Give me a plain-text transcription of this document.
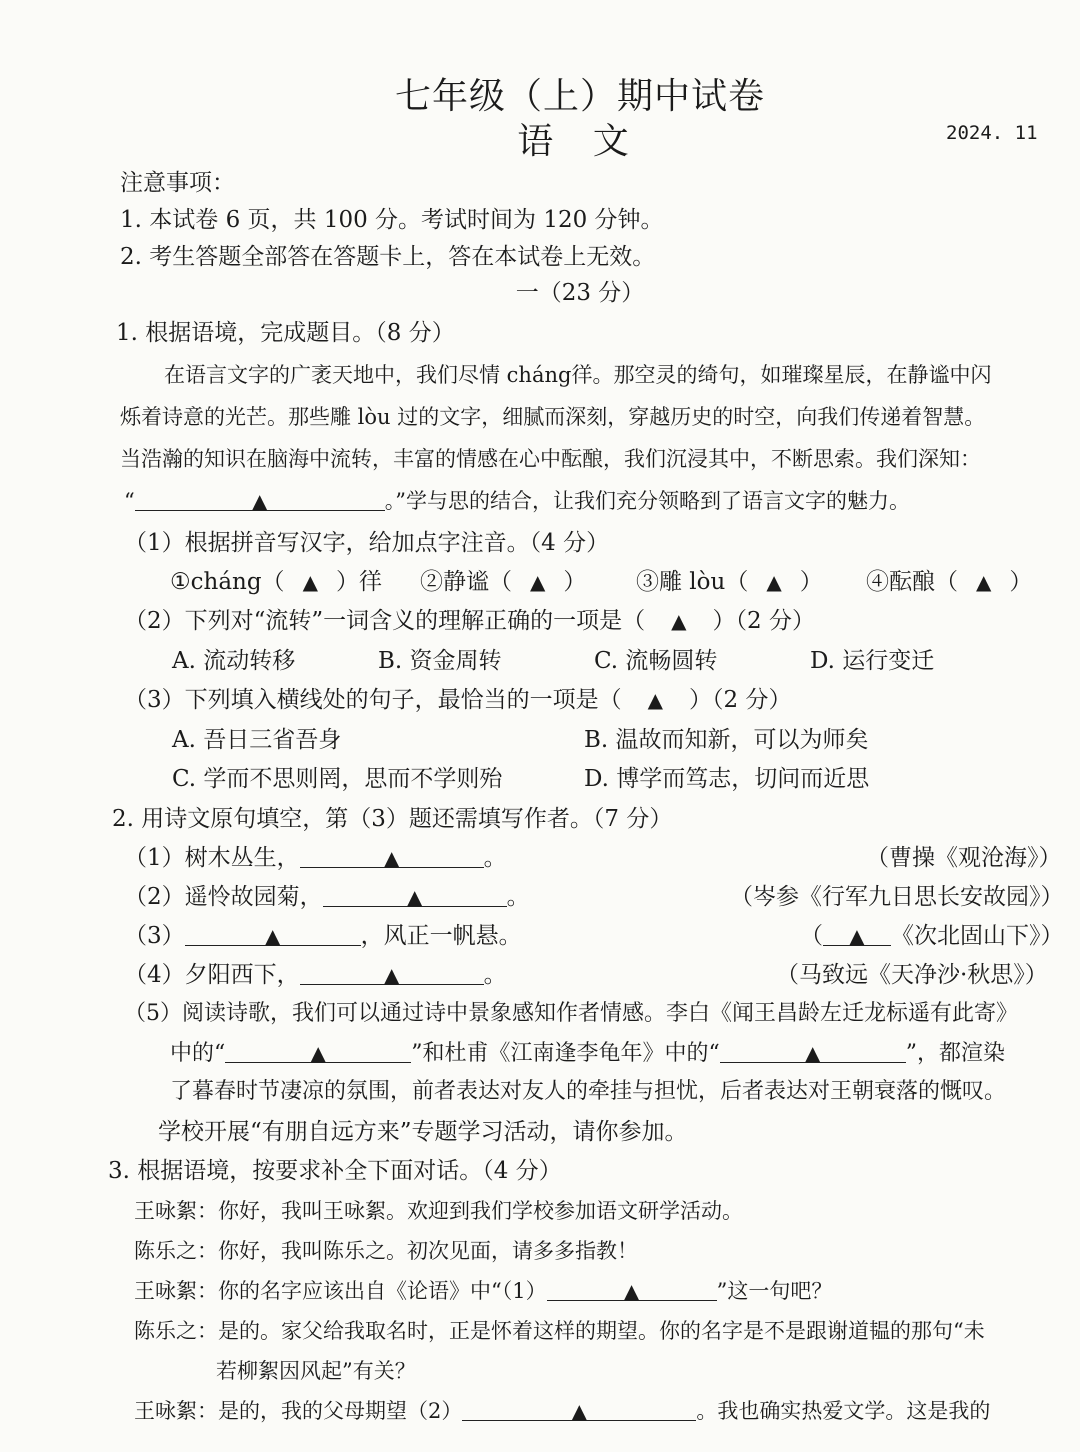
七年级（上）期中试卷
语 文	2024. 11
注意事项：
1. 本试卷 6 页，共 100 分。考试时间为 120 分钟。
2. 考生答题全部答在答题卡上，答在本试卷上无效。
一（23 分）
1. 根据语境，完成题目。（8 分）
在语言文字的广袤天地中，我们尽情 cháng徉。那空灵的绮句，如璀璨星辰，在静谧中闪
烁着诗意的光芒。那些雕 lòu 过的文字，细腻而深刻，穿越历史的时空，向我们传递着智慧。
当浩瀚的知识在脑海中流转，丰富的情感在心中酝酿，我们沉浸其中，不断思索。我们深知：
“	▲	。”学与思的结合，让我们充分领略到了语言文字的魅力。
（1）根据拼音写汉字，给加点字注音。（4 分）
①cháng（ ▲ ）徉 ②静谧（ ▲ ） ③雕 lòu（ ▲ ） ④酝酿（ ▲ ）
（2）下列对“流转”一词含义的理解正确的一项是（ ▲ ）（2 分）
A. 流动转移	B. 资金周转	C. 流畅圆转	D. 运行变迁
（3）下列填入横线处的句子，最恰当的一项是（ ▲ ）（2 分）
A. 吾日三省吾身	B. 温故而知新，可以为师矣
C. 学而不思则罔，思而不学则殆	D. 博学而笃志，切问而近思
2. 用诗文原句填空，第（3）题还需填写作者。（7 分）
（1）树木丛生，	▲	。	（曹操《观沧海》）
（2）遥怜故园菊，	▲	。	（岑参《行军九日思长安故园》）
（3）	▲	，风正一帆悬。	（ ▲ 《次北固山下》）
（4）夕阳西下，	▲	。	（马致远《天净沙·秋思》）
（5）阅读诗歌，我们可以通过诗中景象感知作者情感。李白《闻王昌龄左迁龙标遥有此寄》
中的“	▲	”和杜甫《江南逢李龟年》中的“	▲	”，都渲染
了暮春时节凄凉的氛围，前者表达对友人的牵挂与担忧，后者表达对王朝衰落的慨叹。
学校开展“有朋自远方来”专题学习活动，请你参加。
3. 根据语境，按要求补全下面对话。（4 分）
王咏絮：你好，我叫王咏絮。欢迎到我们学校参加语文研学活动。
陈乐之：你好，我叫陈乐之。初次见面，请多多指教！
王咏絮：你的名字应该出自《论语》中“（1）	▲	”这一句吧？
陈乐之：是的。家父给我取名时，正是怀着这样的期望。你的名字是不是跟谢道韫的那句“未
若柳絮因风起”有关？
王咏絮：是的，我的父母期望（2）	▲	。我也确实热爱文学。这是我的
